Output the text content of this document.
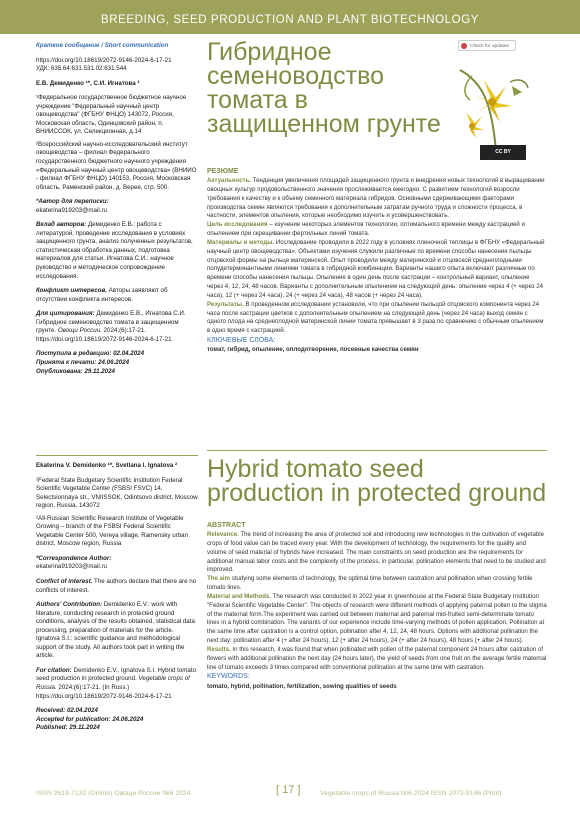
BREEDING, SEED PRODUCTION AND PLANT BIOTECHNOLOGY

Краткое сообщение / Short communication

https://doi.org/10.18619/2072-9146-2024-6-17-21

УДК: 635.64:631.531.02:631.544

Е.В. Демиденко ¹*, С.И. Игнатова ²

¹Федеральное государственное бюджетное научное учреждение "Федеральный научный центр овощеводства" (ФГБНУ ФНЦО) 143072, Россия, Московская область, Одинцовский район, п. ВНИИССОК, ул. Селекционная, д.14

²Всероссийский научно-исследовательский институт овощеводства – филиал Федерального государственного бюджетного научного учреждения «Федеральный научный центр овощеводства» (ВНИИО - филиал ФГБНУ ФНЦО) 140153, Россия, Московская область, Раменский район, д. Верея, стр. 500.

*Автор для переписки:

ekaterina919203@mail.ru

Вклад авторов: Демиденко Е.В.: работа с литературой, проведение исследования в условиях защищенного грунта, анализ полученных результатов, статистическая обработка данных, подготовка материалов для статьи. Игнатова С.И.: научное руководство и методическое сопровождение исследования.

Конфликт интересов. Авторы заявляют об отсутствии конфликта интересов.

Для цитирования: Демиденко Е.В., Игнатова С.И. Гибридное семеноводство томата в защищенном грунте. Овощи России. 2024;(6):17-21. https://doi.org/10.18619/2072-9146-2024-6-17-21

Поступила в редакцию: 02.04.2024

Принята к печати: 24.06.2024

Опубликована: 29.11.2024

Ekaterina V. Demidenko ¹*, Svetlana I. Ignatova ²

¹Federal State Budgetary Scientific Institution Federal Scientific Vegetable Center (FSBSI FSVC) 14, Selectsionnaya str., VNIISSOK, Odintsovo district, Moscow region, Russia, 143072

²All-Russian Scientific Research Institute of Vegetable Growing – branch of the FSBSI Federal Scientific Vegetable Center 500, Vereya village, Ramensky urban district, Moscow region, Russia

*Correspondence Author:

ekaterina919203@mail.ru

Conflict of interest. The authors declare that there are no conflicts of interest.

Authors' Contribution: Demidenko E.V.: work with literature, conducting research in protected ground conditions, analysis of the results obtained, statistical data processing, preparation of materials for the article. Ignatova S.I.: scientific guidance and methodological support of the study. All authors took part in writing the article.

For citation: Demidenko E.V., Ignatova S.I. Hybrid tomato seed production in protected ground. Vegetable crops of Russia. 2024;(6):17-21. (In Russ.) https://doi.org/10.18619/2072-9146-2024-6-17-21

Received: 02.04.2024

Accepted for publication: 24.06.2024

Published: 29.11.2024

Гибридное семеноводство томата в защищенном грунте
Check for updates
CC BY
РЕЗЮМЕ

Актуальность. Тенденция увеличения площадей защищенного грунта и внедрения новых технологий в выращивании овощных культур продовольственного значения прослеживается ежегодно. С развитием технологий возросли требования к качеству и к объему семенного материала гибридов. Основными сдерживающими факторами производства семян являются требования к дополнительным затратам ручного труда и сложности процесса, в частности, элементов опыления, которые необходимо изучить и усовершенствовать.

Цель исследования – изучение некоторых элементов технологии, оптимального времени между кастрацией и опылением при скрещивании фертильных линий томата.

Материалы и методы. Исследование проводили в 2022 году в условиях пленочной теплицы в ФГБНУ «Федеральный научный центр овощеводства». Объектами изучения служили различные по времени способы нанесения пыльцы отцовской формы на рыльце материнской. Опыт проводили между материнской и отцовской среднеплодными полудетерминантными линиями томата в гибридной комбинации. Варианты нашего опыта включают различные по времени способы нанесения пыльцы. Опыление в один день после кастрации – контрольный вариант, опыление через 4, 12, 24, 48 часов. Варианты с дополнительным опылением на следующий день: опыление через 4 (+ через 24 часа), 12 (+ через 24 часа), 24 (+ через 24 часа), 48 часов (+ через 24 часа).

Результаты. В проведенном исследовании установили, что при опылении пыльцой отцовского компонента через 24 часа после кастрации цветков с дополнительным опылением на следующий день (через 24 часа) выход семян с одного плода на среднеплодной материнской линии томата превышает в 3 раза по сравнению с обычным опылением в одно время с кастрацией.

КЛЮЧЕВЫЕ СЛОВА:
томат, гибрид, опыление, оплодотворение, посевные качества семян
Hybrid tomato seed production in protected ground
ABSTRACT

Relevance. The trend of increasing the area of protected soil and introducing new technologies in the cultivation of vegetable crops of food value can be traced every year. With the development of technology, the requirements for the quality and volume of seed material of hybrids have increased. The main constraints on seed production are the requirements for additional manual labor costs and the complexity of the process, in particular, pollination elements that need to be studied and improved.

The aim studying some elements of technology, the optimal time between castration and pollination when crossing fertile tomato lines.

Material and Methods. The research was conducted in 2022 year in greenhouse at the Federal State Budgetary Institution "Federal Scientific Vegetable Center". The objects of research were different methods of applying paternal pollen to the stigma of the maternal form.The experiment was carried out between maternal and paternal mid-fruited semi-determinate tomato lines in a hybrid combination. The variants of our experience include time-varying methods of pollen application. Pollination at the same time after castration is a control option, pollination after 4, 12, 24, 48 hours. Options with additional pollination the next day: pollination after 4 (+ after 24 hours), 12 (+ after 24 hours), 24 (+ after 24 hours), 48 hours (+ after 24 hours).

Results. In this research, it was found that when pollinated with pollen of the paternal component 24 hours after castration of flowers with additional pollination the next day (24 hours later), the yield of seeds from one fruit on the average fertile maternal line of tomato exceeds 3 times compared with conventional pollination at the same time with castration.

KEYWORDS:
tomato, hybrid, pollination, fertilization, sowing qualities of seeds
ISSN 2618-7132 (Online) Овощи России №6 2024	[ 17 ]	Vegetable crops of Russia №6 2024 ISSN 2072-9146 (Print)
